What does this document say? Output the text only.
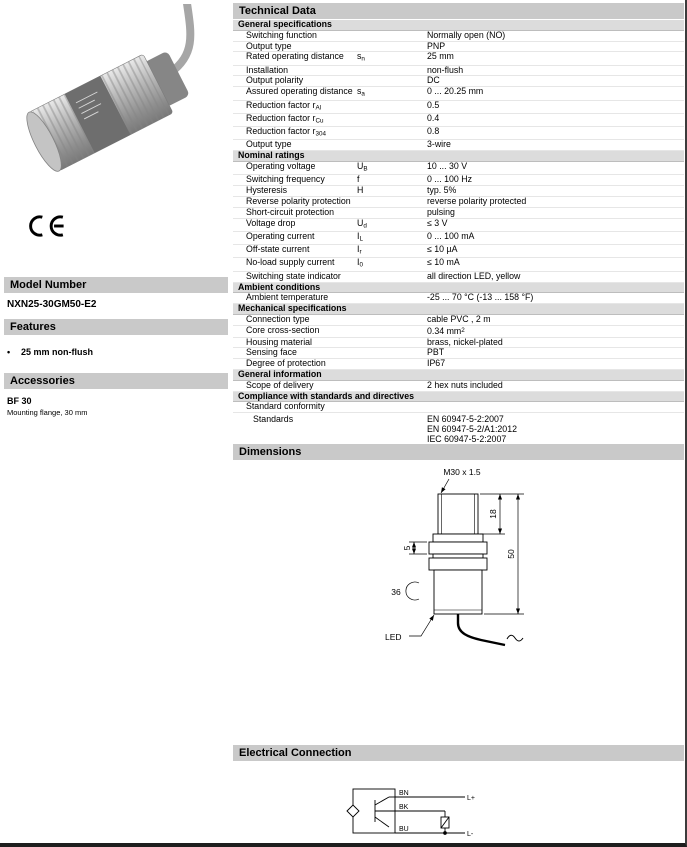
Model Number
NXN25-30GM50-E2
Features
• 25 mm non-flush
Accessories
BF 30
Mounting flange, 30 mm
Technical Data
General specifications
Switching function	Normally open (NO)
Output type	PNP
Rated operating distance	$s_n$	25 mm
Installation	non-flush
Output polarity	DC
Assured operating distance $s_a$	0 ... 20.25 mm
Reduction factor $r_{Al}$	0.5
Reduction factor $r_{Cu}$	0.4
Reduction factor $r_{304}$	0.8
Output type	3-wire
Nominal ratings
Operating voltage	$U_B$	10 ... 30 V
Switching frequency	f	0 ... 100 Hz
Hysteresis	H	typ. 5%
Reverse polarity protection	reverse polarity protected
Short-circuit protection	pulsing
Voltage drop	$U_d$	≤ 3 V
Operating current	$I_L$	0 ... 100 mA
Off-state current	$I_r$	≤ 10 µA
No-load supply current	$I_0$	≤ 10 mA
Switching state indicator	all direction LED, yellow
Ambient conditions
Ambient temperature	-25 ... 70 °C (-13 ... 158 °F)
Mechanical specifications
Connection type	cable PVC , 2 m
Core cross-section	0.34 $mm^2$
Housing material	brass, nickel-plated
Sensing face	PBT
Degree of protection	IP67
General information
Scope of delivery	2 hex nuts included
Compliance with standards and directives
Standard conformity
Standards	EN 60947-5-2:2007
EN 60947-5-2/A1:2012
IEC 60947-5-2:2007
Dimensions
M30 x 1.5
18
50
5
36
LED
Electrical Connection
BN
BK
BU
L+
L-
